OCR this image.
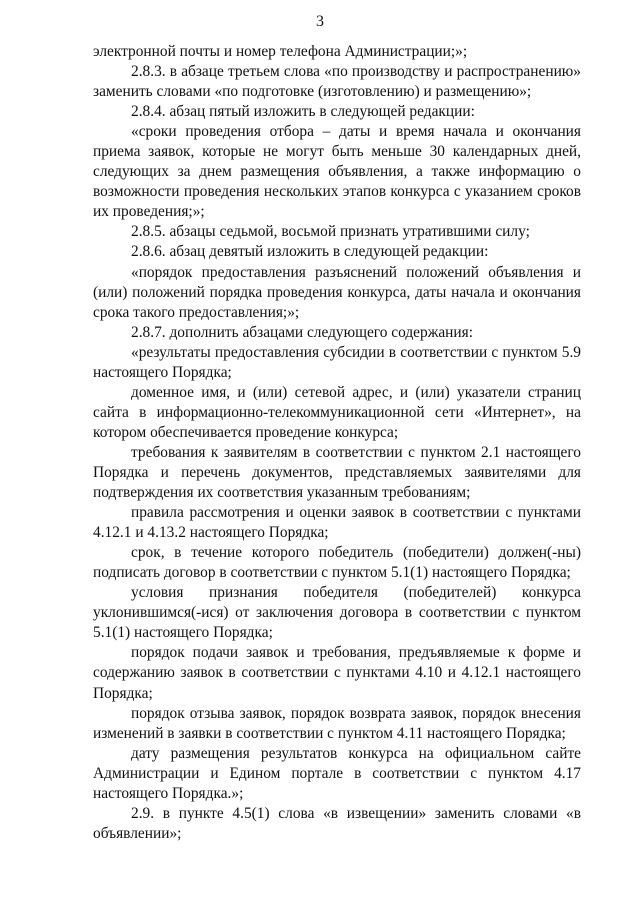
3

электронной почты и номер телефона Администрации;»;

2.8.3. в абзаце третьем слова «по производству и распространению» заменить словами «по подготовке (изготовлению) и размещению»;

2.8.4. абзац пятый изложить в следующей редакции:

«сроки проведения отбора – даты и время начала и окончания приема заявок, которые не могут быть меньше 30 календарных дней, следующих за днем размещения объявления, а также информацию о возможности проведения нескольких этапов конкурса с указанием сроков их проведения;»;

2.8.5. абзацы седьмой, восьмой признать утратившими силу;

2.8.6. абзац девятый изложить в следующей редакции:

«порядок предоставления разъяснений положений объявления и (или) положений порядка проведения конкурса, даты начала и окончания срока такого предоставления;»;

2.8.7. дополнить абзацами следующего содержания:

«результаты предоставления субсидии в соответствии с пунктом 5.9 настоящего Порядка;

доменное имя, и (или) сетевой адрес, и (или) указатели страниц сайта в информационно-телекоммуникационной сети «Интернет», на котором обеспечивается проведение конкурса;

требования к заявителям в соответствии с пунктом 2.1 настоящего Порядка и перечень документов, представляемых заявителями для подтверждения их соответствия указанным требованиям;

правила рассмотрения и оценки заявок в соответствии с пунктами 4.12.1 и 4.13.2 настоящего Порядка;

срок, в течение которого победитель (победители) должен(-ны) подписать договор в соответствии с пунктом 5.1(1) настоящего Порядка;

условия признания победителя (победителей) конкурса уклонившимся(-ися) от заключения договора в соответствии с пунктом 5.1(1) настоящего Порядка;

порядок подачи заявок и требования, предъявляемые к форме и содержанию заявок в соответствии с пунктами 4.10 и 4.12.1 настоящего Порядка;

порядок отзыва заявок, порядок возврата заявок, порядок внесения изменений в заявки в соответствии с пунктом 4.11 настоящего Порядка;

дату размещения результатов конкурса на официальном сайте Администрации и Едином портале в соответствии с пунктом 4.17 настоящего Порядка.»;

2.9. в пункте 4.5(1) слова «в извещении» заменить словами «в объявлении»;
